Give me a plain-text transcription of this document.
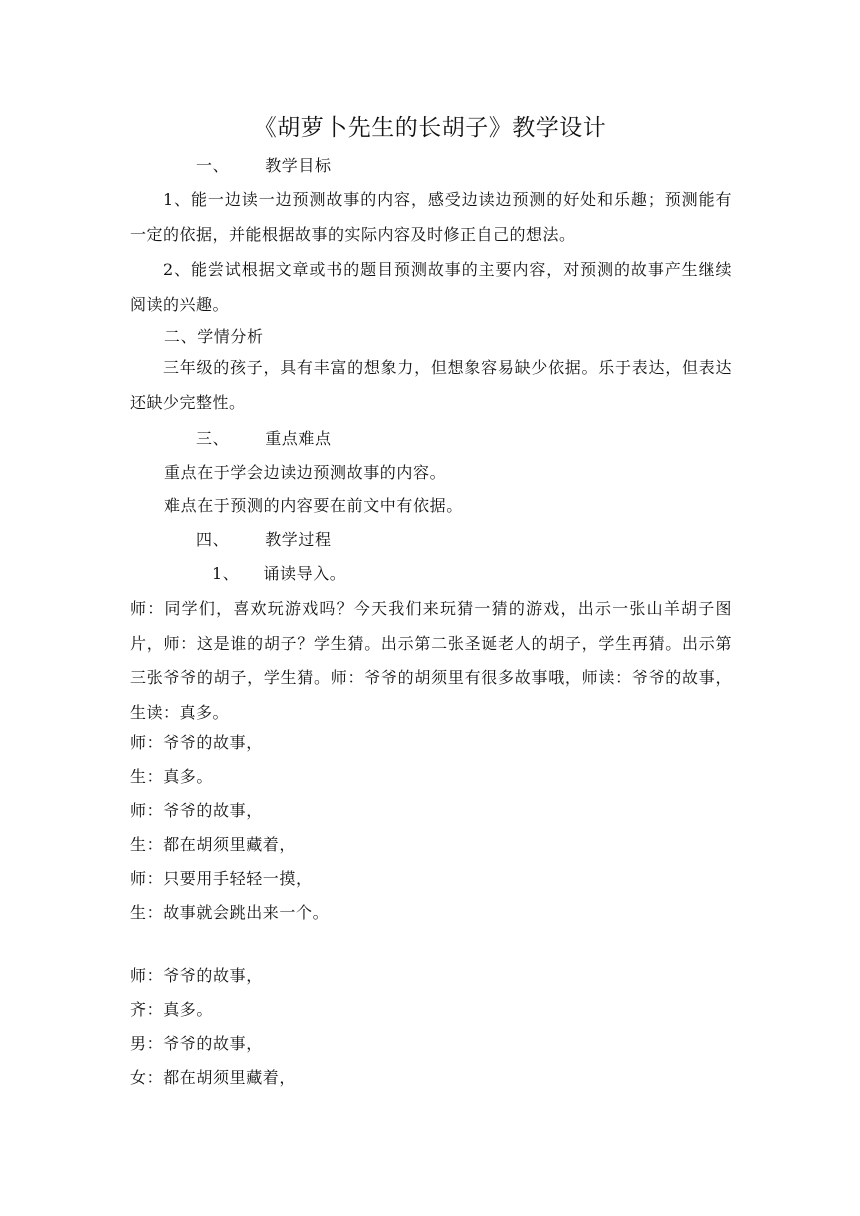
《胡萝卜先生的长胡子》教学设计
一、 教学目标
1、能一边读一边预测故事的内容，感受边读边预测的好处和乐趣；预测能有一定的依据，并能根据故事的实际内容及时修正自己的想法。
2、能尝试根据文章或书的题目预测故事的主要内容，对预测的故事产生继续阅读的兴趣。
二、学情分析
三年级的孩子，具有丰富的想象力，但想象容易缺少依据。乐于表达，但表达还缺少完整性。
三、 重点难点
重点在于学会边读边预测故事的内容。
难点在于预测的内容要在前文中有依据。
四、 教学过程
1、 诵读导入。
师：同学们，喜欢玩游戏吗？今天我们来玩猜一猜的游戏，出示一张山羊胡子图片，师：这是谁的胡子？学生猜。出示第二张圣诞老人的胡子，学生再猜。出示第三张爷爷的胡子，学生猜。师：爷爷的胡须里有很多故事哦，师读：爷爷的故事，生读：真多。
师：爷爷的故事，
生：真多。
师：爷爷的故事，
生：都在胡须里藏着，
师：只要用手轻轻一摸，
生：故事就会跳出来一个。
师：爷爷的故事，
齐：真多。
男：爷爷的故事，
女：都在胡须里藏着，
